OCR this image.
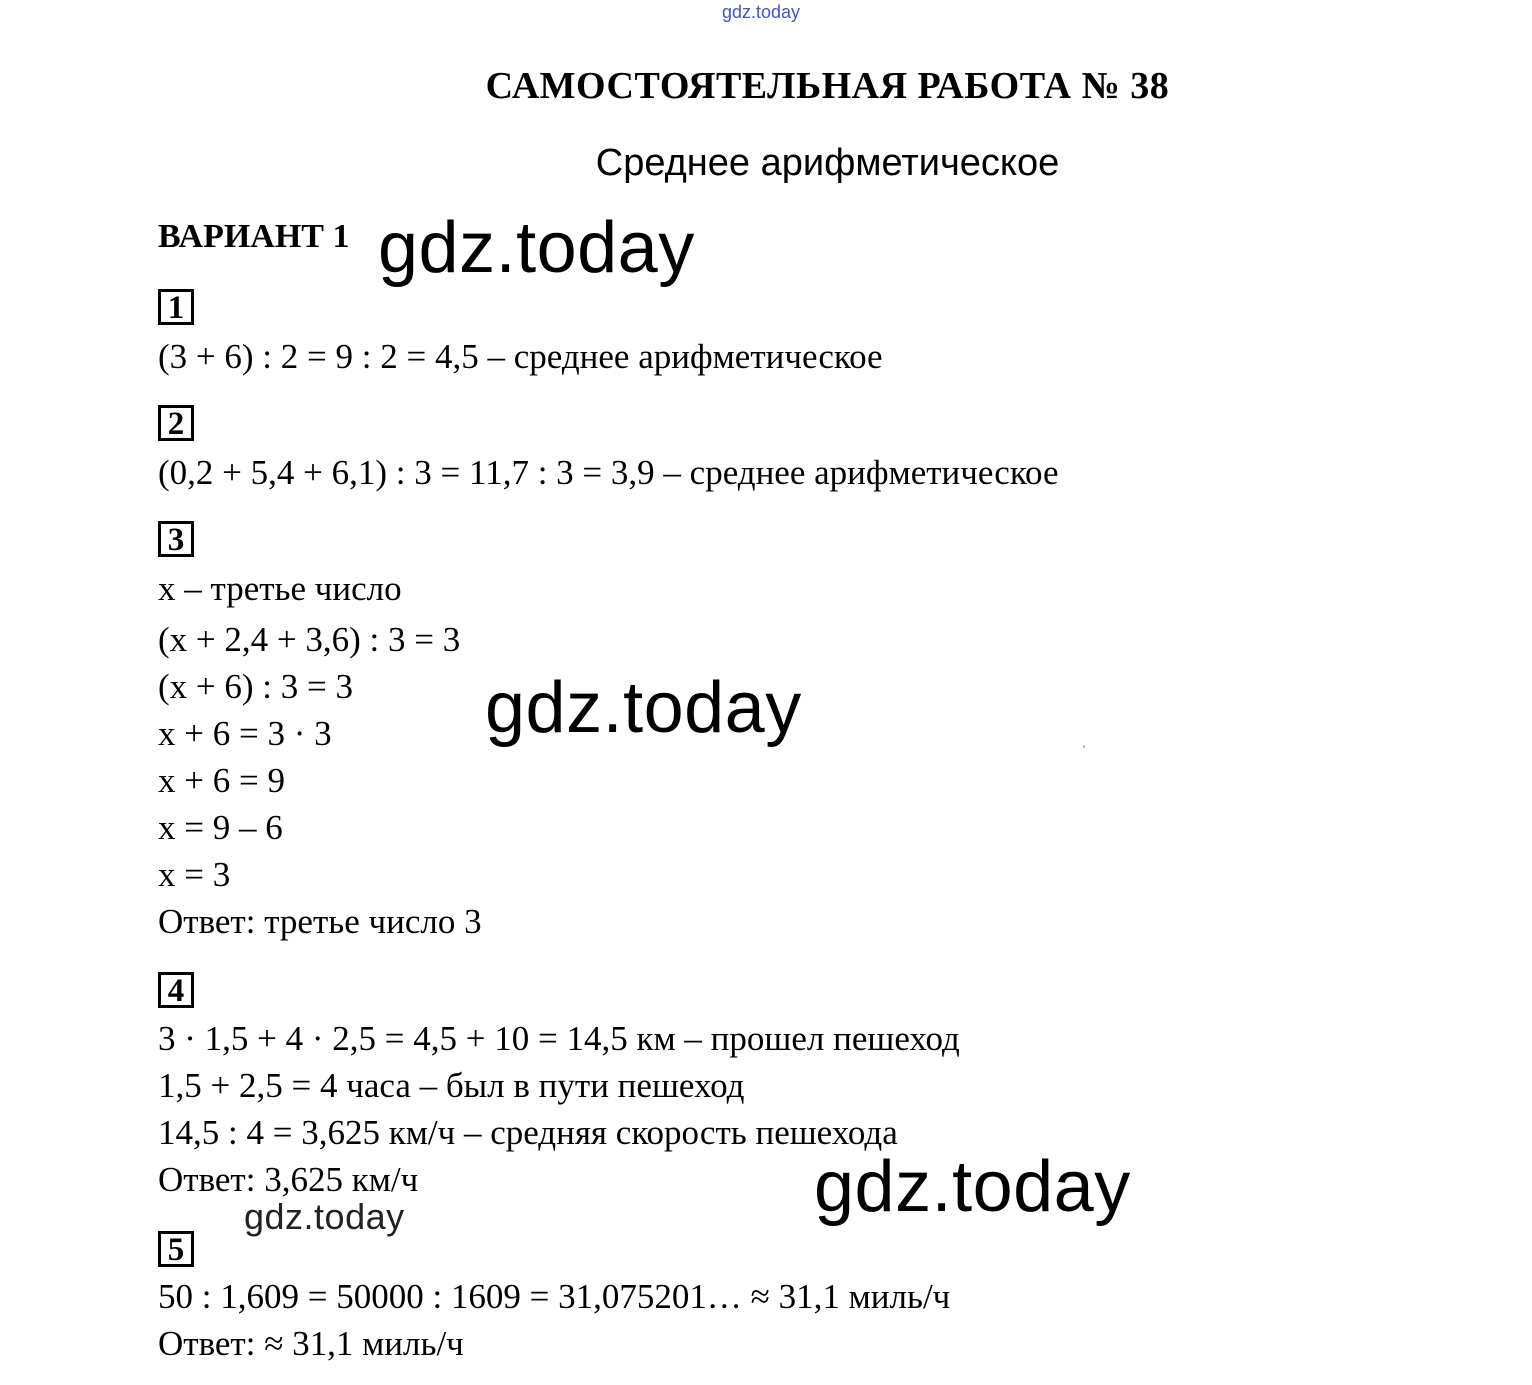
gdz.today
САМОСТОЯТЕЛЬНАЯ РАБОТА № 38
Среднее арифметическое
ВАРИАНТ 1 gdz.today
1
(3 + 6) : 2 = 9 : 2 = 4,5 – среднее арифметическое
2
(0,2 + 5,4 + 6,1) : 3 = 11,7 : 3 = 3,9 – среднее арифметическое
3
x – третье число
(x + 2,4 + 3,6) : 3 = 3
(x + 6) : 3 = 3
x + 6 = 3 · 3
x + 6 = 9
x = 9 – 6
x = 3
Ответ: третье число 3
gdz.today
'
4
3 · 1,5 + 4 · 2,5 = 4,5 + 10 = 14,5 км – прошел пешеход
1,5 + 2,5 = 4 часа – был в пути пешеход
14,5 : 4 = 3,625 км/ч – средняя скорость пешехода
Ответ: 3,625 км/ч	gdz.today
gdz.today
5
50 : 1,609 = 50000 : 1609 = 31,075201… ≈ 31,1 миль/ч
Ответ: ≈ 31,1 миль/ч
